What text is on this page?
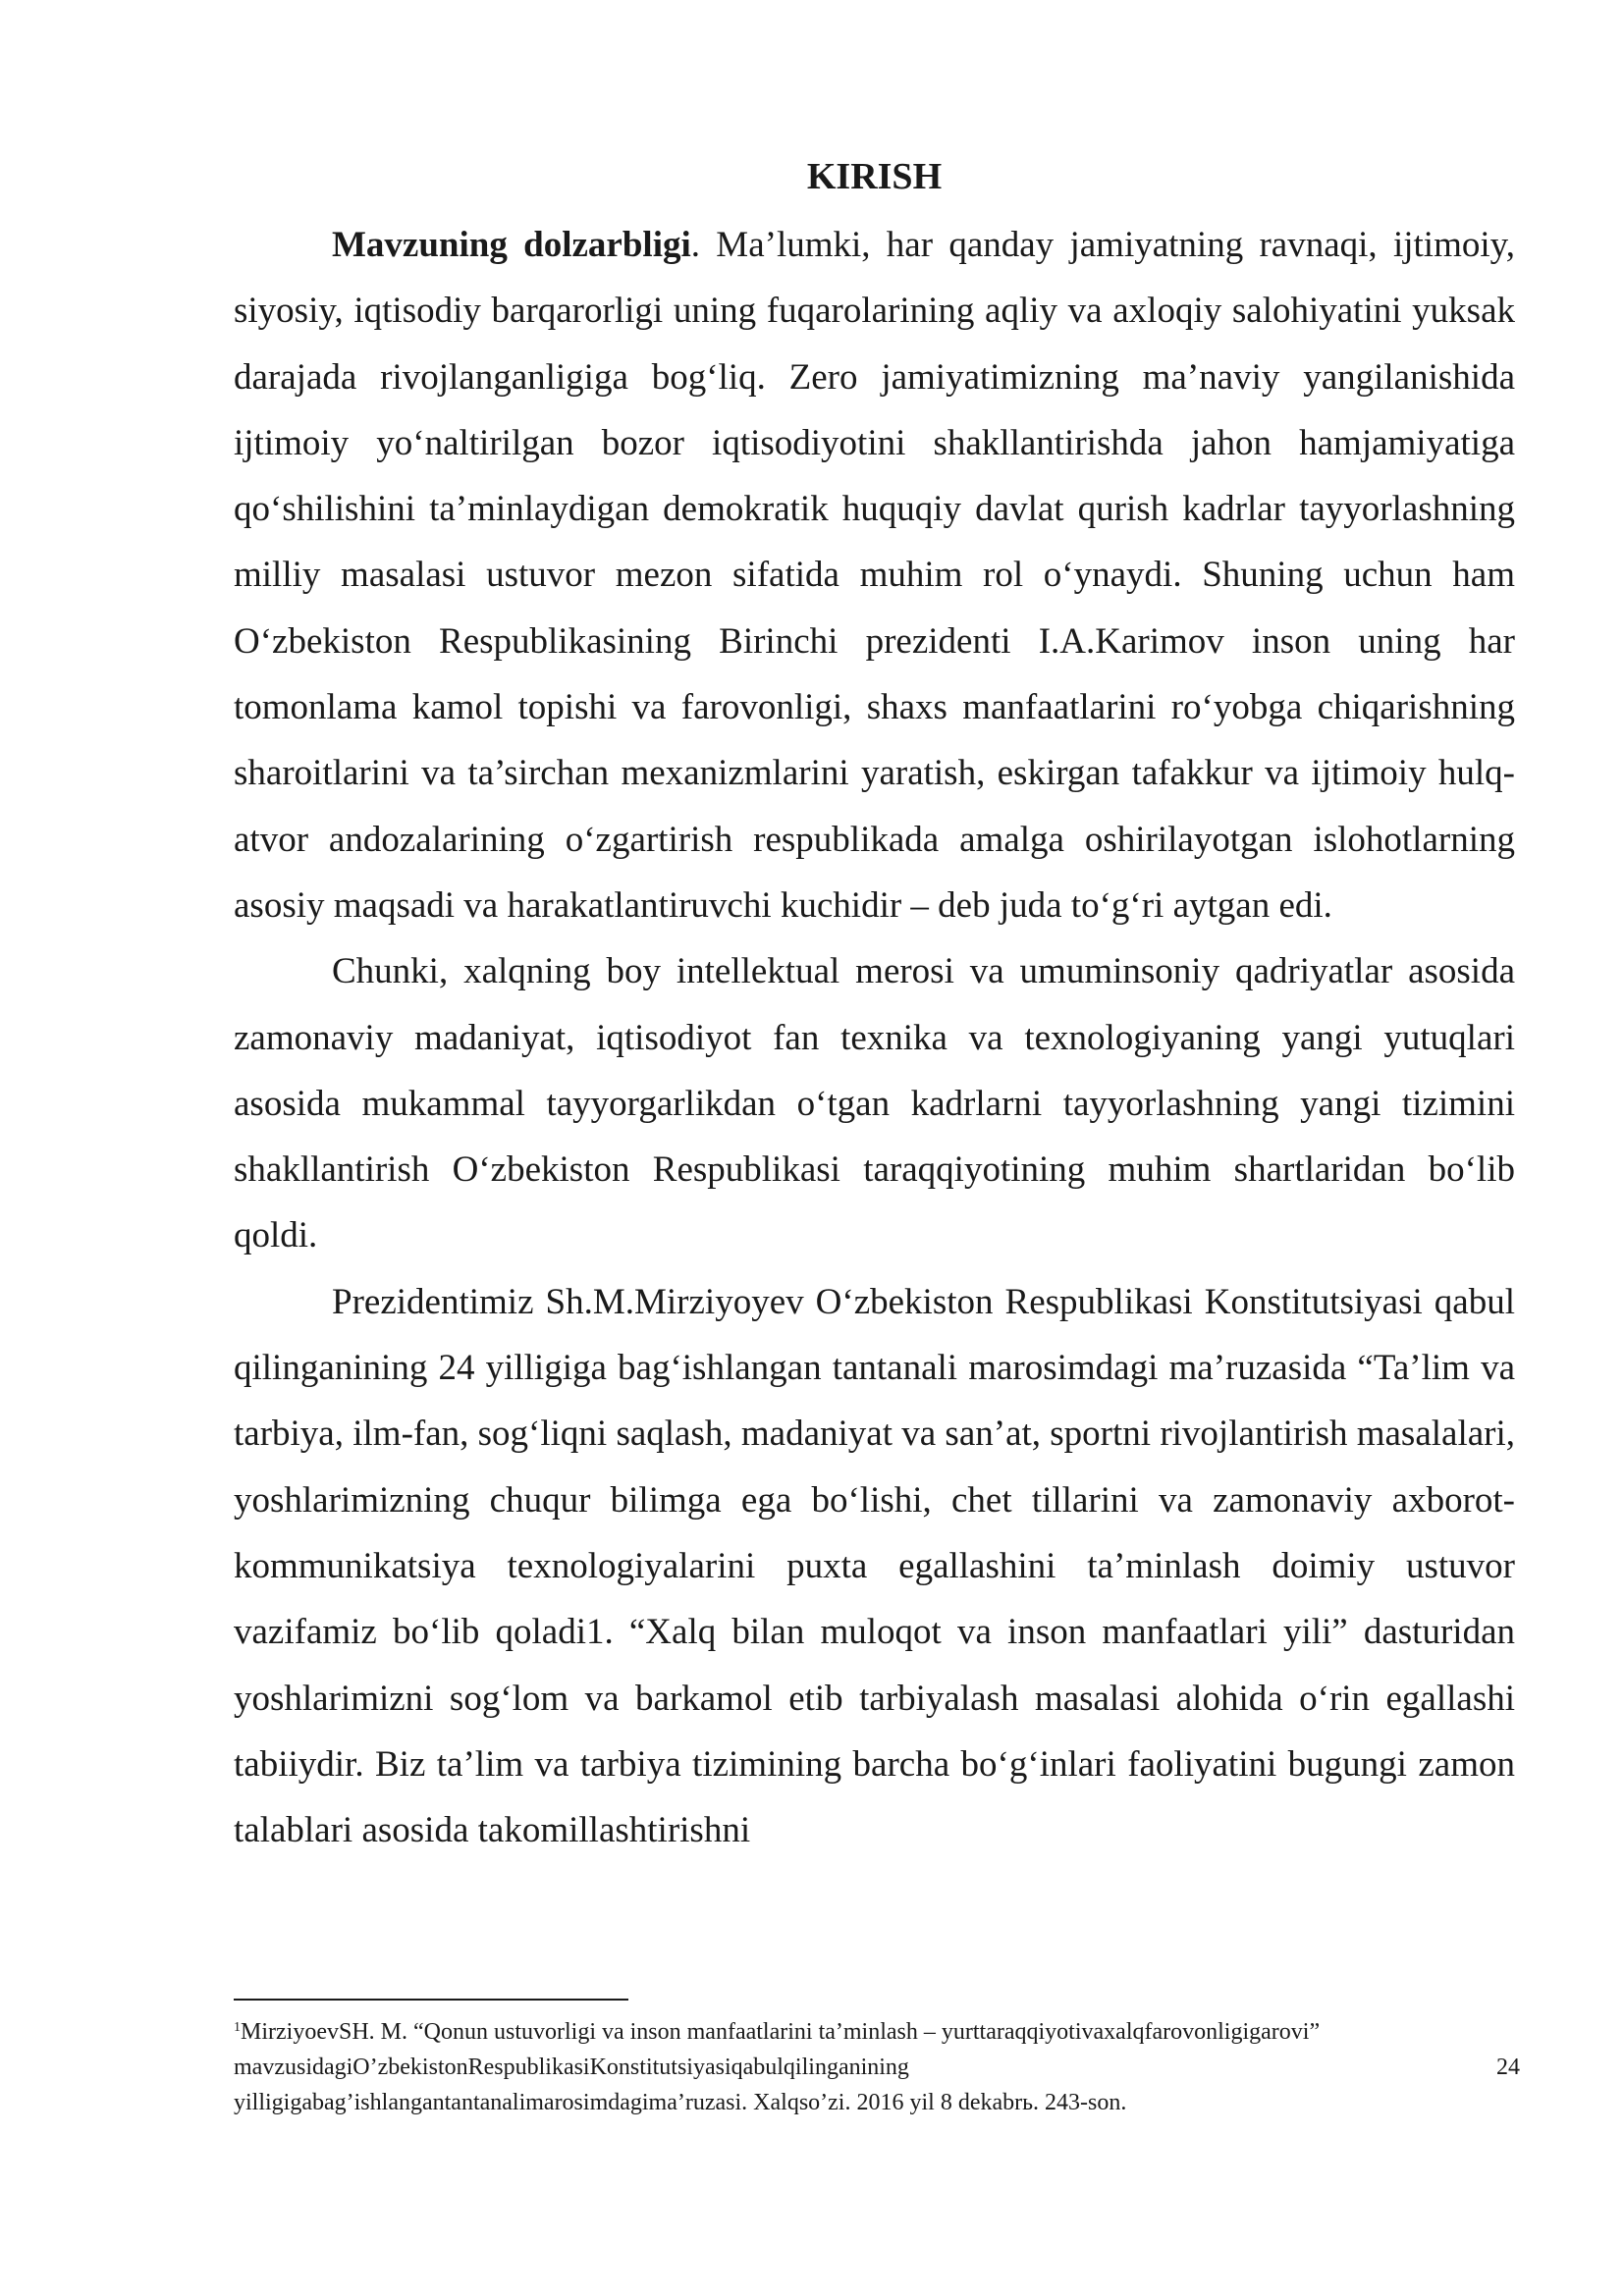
KIRISH

Mavzuning dolzarbligi. Ma’lumki, har qanday jamiyatning ravnaqi, ijtimoiy, siyosiy, iqtisodiy barqarorligi uning fuqarolarining aqliy va axloqiy salohiyatini yuksak darajada rivojlanganligiga bog‘liq. Zero jamiyatimizning ma’naviy yangilanishida ijtimoiy yo‘naltirilgan bozor iqtisodiyotini shakllantirishda jahon hamjamiyatiga qo‘shilishini ta’minlaydigan demokratik huquqiy davlat qurish kadrlar tayyorlashning milliy masalasi ustuvor mezon sifatida muhim rol o‘ynaydi. Shuning uchun ham O‘zbekiston Respublikasining Birinchi prezidenti I.A.Karimov inson uning har tomonlama kamol topishi va farovonligi, shaxs manfaatlarini ro‘yobga chiqarishning sharoitlarini va ta’sirchan mexanizmlarini yaratish, eskirgan tafakkur va ijtimoiy hulq-atvor andozalarining o‘zgartirish respublikada amalga oshirilayotgan islohotlarning asosiy maqsadi va harakatlantiruvchi kuchidir – deb juda to‘g‘ri aytgan edi.

Chunki, xalqning boy intellektual merosi va umuminsoniy qadriyatlar asosida zamonaviy madaniyat, iqtisodiyot fan texnika va texnologiyaning yangi yutuqlari asosida mukammal tayyorgarlikdan o‘tgan kadrlarni tayyorlashning yangi tizimini shakllantirish O‘zbekiston Respublikasi taraqqiyotining muhim shartlaridan bo‘lib qoldi.

Prezidentimiz Sh.M.Mirziyoyev O‘zbekiston Respublikasi Konstitutsiyasi qabul qilinganining 24 yilligiga bag‘ishlangan tantanali marosimdagi ma’ruzasida “Ta’lim va tarbiya, ilm-fan, sog‘liqni saqlash, madaniyat va san’at, sportni rivojlantirish masalalari, yoshlarimizning chuqur bilimga ega bo‘lishi, chet tillarini va zamonaviy axborot-kommunikatsiya texnologiyalarini puxta egallashini ta’minlash doimiy ustuvor vazifamiz bo‘lib qoladi1. “Xalq bilan muloqot va inson manfaatlari yili” dasturidan yoshlarimizni sog‘lom va barkamol etib tarbiyalash masalasi alohida o‘rin egallashi tabiiydir. Biz ta’lim va tarbiya tizimining barcha bo‘g‘inlari faoliyatini bugungi zamon talablari asosida takomillashtirishni

$^1$MirziyoevSH. M. “Qonun ustuvorligi va inson manfaatlarini ta’minlash – yurttaraqqiyotivaxalqfarovonligigarovi”
mavzusidagiO’zbekistonRespublikasiKonstitutsiyasiqabulqilinganining	24
yilligigabag’ishlangantantanalimarosimdagima’ruzasi. Xalqso’zi. 2016 yil 8 dekabrь. 243-son.
